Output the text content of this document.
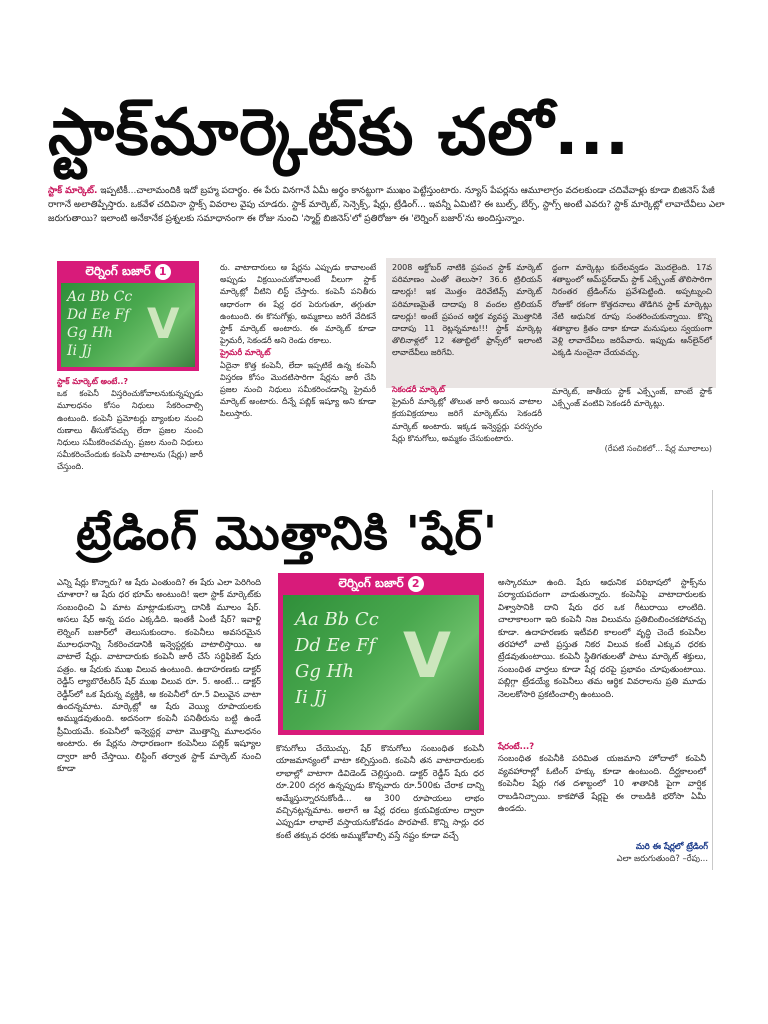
స్టాక్‌మార్కెట్‌కు చలో...
స్టాక్‌ మార్కెట్‌. ఇప్పటికీ...చాలామందికి ఇదో బ్రహ్మ పదార్థం. ఈ పేరు వినగానే ఏమీ అర్థం కానట్టుగా ముఖం పెట్టేస్తుంటారు. న్యూస్‌ పేపర్లను ఆమూలాగ్రం వదలకుండా చదివేవాళ్లు కూడా బిజినెస్‌ పేజీ రాగానే అలాతిప్పేస్తారు. ఒకవేళ చదివినా స్టాక్స్‌ వివరాల వైపు చూడరు. స్టాక్‌ మార్కెట్‌, సెన్సెక్స్‌, షేర్లు, ట్రేడింగ్‌... ఇవన్నీ ఏమిటి? ఈ బుల్స్‌, బేర్స్‌, స్టాగ్స్‌ అంటే ఎవరు? స్టాక్‌ మార్కెట్లో లావాదేవీలు ఎలా జరుగుతాయి? ఇలాంటి అనేకానేక ప్రశ్నలకు సమాధానంగా ఈ రోజు నుంచి 'స్మార్ట్‌ బిజినెస్‌'లో ప్రతిరోజూ ఈ 'లెర్నింగ్‌ బజార్‌'ను అందిస్తున్నాం.
లెర్నింగ్‌ బజార్‌ 1
Aa Bb Cc
Dd Ee Ff
Gg Hh
Ii Jj
V
స్టాక్‌ మార్కెట్‌ అంటే..?
ఒక కంపెనీ విస్తరించుకోవాలనుకున్నప్పుడు మూలధనం కోసం నిధులు సేకరించాల్సి ఉంటుంది. కంపెనీ ప్రమోటర్లు బ్యాంకుల నుంచి రుణాలు తీసుకోవచ్చు లేదా ప్రజల నుంచి నిధులు సమీకరించవచ్చు. ప్రజల నుంచి నిధులు సమీకరించేందుకు కంపెనీ వాటాలను (షేర్లు) జారీ చేస్తుంది.
రు. వాటాదారులు ఆ షేర్లను ఎప్పుడు కావాలంటే అప్పుడు విక్రయించుకోవాలంటే వీలుగా స్టాక్‌ మార్కెట్లో వీటిని లిస్ట్‌ చేస్తారు. కంపెనీ పనితీరు ఆధారంగా ఈ షేర్ల ధర పెరుగుతూ, తగ్గుతూ ఉంటుంది. ఈ కొనుగోళ్లు, అమ్మకాలు జరిగే వేదికనే స్టాక్‌ మార్కెట్‌ అంటారు. ఈ మార్కెట్‌ కూడా ప్రైమరీ, సెకండరీ అని రెండు రకాలు.
ప్రైమరీ మార్కెట్‌
ఏదైనా కొత్త కంపెనీ, లేదా ఇప్పటికే ఉన్న కంపెనీ విస్తరణ కోసం మొదటిసారిగా షేర్లను జారీ చేసి ప్రజల నుంచి నిధులు సమీకరించడాన్ని ప్రైమరీ మార్కెట్‌ అంటారు. దీన్నే పబ్లిక్‌ ఇష్యూ అని కూడా పిలుస్తారు.
2008 అక్టోబర్‌ నాటికి ప్రపంచ స్టాక్‌ మార్కెట్‌ పరిమాణం ఎంతో తెలుసా? 36.6 ట్రిలియన్‌ డాలర్లు! ఇక మొత్తం డెరివేటివ్స్‌ మార్కెట్‌ పరిమాణమైతే దాదాపు 8 వందల ట్రిలియన్‌ డాలర్లు! అంటే ప్రపంచ ఆర్థిక వ్యవస్థ మొత్తానికి దాదాపు 11 రెట్లన్నమాట!!! స్టాక్‌ మార్కెట్ల తొలినాళ్లలో 12 శతాబ్దిలో ఫ్రాన్స్‌లో ఇలాంటి లావాదేవీలు జరిగేవి.
సెకండరీ మార్కెట్‌
ప్రైమరీ మార్కెట్లో తొలుత జారీ అయిన వాటాల క్రయవిక్రయాలు జరిగే మార్కెట్‌ను సెకండరీ మార్కెట్‌ అంటారు. ఇక్కడ ఇన్వెస్టర్లు పరస్పరం షేర్లు కొనుగోలు, అమ్మకం చేసుకుంటారు.
ద్దంగా మార్కెట్లు కుదేలవ్వడం మొదలైంది. 17వ శతాబ్దంలో ఆమ్‌స్టర్‌డామ్‌ స్టాక్‌ ఎక్స్ఛేంజ్‌ తొలిసారిగా నిరంతర ట్రేడింగ్‌ను ప్రవేశపెట్టింది. అప్పట్నుంచి రోజుకో రకంగా కొత్తదనాలు తొడిగిన స్టాక్‌ మార్కెట్లు నేటి ఆధునిక రూపు సంతరించుకున్నాయి. కొన్ని శతాబ్దాల క్రితం దాకా కూడా మనుషులు స్వయంగా వెళ్లి లావాదేవీలు జరిపేవారు. ఇప్పుడు ఆన్‌లైన్‌లో ఎక్కడి నుంచైనా చేయవచ్చు.
మార్కెట్‌, జాతీయ స్టాక్‌ ఎక్స్ఛేంజ్‌, బాంబే స్టాక్‌ ఎక్స్ఛేంజ్‌ వంటివి సెకండరీ మార్కెట్లు.
(రేపటి సంచికలో... షేర్ల మూలాలు)
ట్రేడింగ్‌ మొత్తానికి 'షేర్‌'
ఎన్ని షేర్లు కొన్నారు? ఆ షేరు ఎంతుంది? ఈ షేరు ఎలా పెరిగింది చూశారా? ఆ షేరు ధర భూమ్‌ అంటుంది! ఇలా స్టాక్‌ మార్కెట్‌కు సంబంధించి ఏ మాట మాట్లాడుకున్నా దానికి మూలం షేర్‌. అసలు షేర్‌ అన్న పదం ఎక్కడిది. ఇంతకీ ఏంటీ షేర్‌? ఇవాళ్టి లెర్నింగ్‌ బజార్‌లో తెలుసుకుందాం. కంపెనీలు అవసరమైన మూలధనాన్ని సేకరించడానికి ఇన్వెస్టర్లకు వాటాలిస్తాయి. ఆ వాటాలే షేర్లు. వాటాదారుకు కంపెనీ జారీ చేసే సర్టిఫికెట్‌ షేరు పత్రం. ఆ షేరుకు ముఖ విలువ ఉంటుంది. ఉదాహరణకు డాక్టర్‌ రెడ్డీస్‌ ల్యాబొరేటరీస్‌ షేర్‌ ముఖ విలువ రూ. 5. అంటే... డాక్టర్‌ రెడ్డీస్‌లో ఒక షేరున్న వ్యక్తికి, ఆ కంపెనీలో రూ.5 విలువైన వాటా ఉందన్నమాట. మార్కెట్లో ఆ షేరు వెయ్యి రూపాయలకు అమ్ముడవుతుంది. అదనంగా కంపెనీ పనితీరును బట్టి ఉండే ప్రీమియమే. కంపెనీలో ఇన్వెస్టర్ల వాటా మొత్తాన్ని మూలధనం అంటారు. ఈ షేర్లను సాధారణంగా కంపెనీలు పబ్లిక్‌ ఇష్యూల ద్వారా జారీ చేస్తాయి. లిస్టింగ్‌ తర్వాత స్టాక్‌ మార్కెట్‌ నుంచి కూడా
లెర్నింగ్‌ బజార్‌ 2
Aa Bb Cc
Dd Ee Ff
Gg Hh
Ii Jj
V
కొనుగోలు చేయొచ్చు. షేర్‌ కొనుగోలు సంబంధిత కంపెనీ యాజమాన్యంలో వాటా కల్పిస్తుంది. కంపెనీ తన వాటాదారులకు లాభాల్లో వాటాగా డివిడెండ్‌ చెల్లిస్తుంది. డాక్టర్‌ రెడ్డీస్‌ షేరు ధర రూ.200 దగ్గర ఉన్నప్పుడు కొన్నవారు రూ.500కు చేరాక దాన్ని అమ్మేస్తున్నారనుకోండి... ఆ 300 రూపాయలు లాభం వచ్చినట్లన్నమాట. అలాగే ఆ షేర్ల ధరలు క్రయవిక్రయాల ద్వారా ఎప్పుడూ లాభాలే వస్తాయనుకోవడం పొరపాటే. కొన్ని సార్లు ధర కంటే తక్కువ ధరకు అమ్ముకోవాల్సి వస్తే నష్టం కూడా వచ్చే
అస్కారమూ ఉంది. షేరు ఆధునిక పరిభాషలో స్టాక్స్‌ను పర్యాయపదంగా వాడుతున్నారు. కంపెనీపై వాటాదారులకు విశ్వాసానికి దాని షేరు ధర ఒక గీటురాయి లాంటిది. చాలాకాలంగా ఇది కంపెనీ నిజ విలువను ప్రతిబింబించకపోవచ్చు కూడా. ఉదాహరణకు ఇటీవలి కాలంలో వృద్ధి చెందే కంపెనీల తరహాలో వాటి ప్రస్తుత నికర విలువ కంటే ఎక్కువ ధరకు ట్రేడవుతుంటాయి. కంపెనీ స్థితిగతులతో పాటు మార్కెట్‌ శక్తులు, సంబంధిత వార్తలు కూడా షేర్ల ధరపై ప్రభావం చూపుతుంటాయి. పబ్లిగ్గా ట్రేడయ్యే కంపెనీలు తమ ఆర్థిక వివరాలను ప్రతి మూడు నెలలకోసారి ప్రకటించాల్సి ఉంటుంది.
షేరంటే...?
సంబంధిత కంపెనీకి పరిమిత యజమాని హోదాలో కంపెనీ వ్యవహారాల్లో ఓటింగ్‌ హక్కు కూడా ఉంటుంది. దీర్ఘకాలంలో కంపెనీల షేర్లు గత దశాబ్దంలో 10 శాతానికి పైగా వార్షిక రాబడినిచ్చాయి. కాకపోతే షేర్లపై ఈ రాబడికి భరోసా ఏమీ ఉండదు.
మరి ఈ షేర్లలో ట్రేడింగ్‌
ఎలా జరుగుతుంది? –రేపు...
